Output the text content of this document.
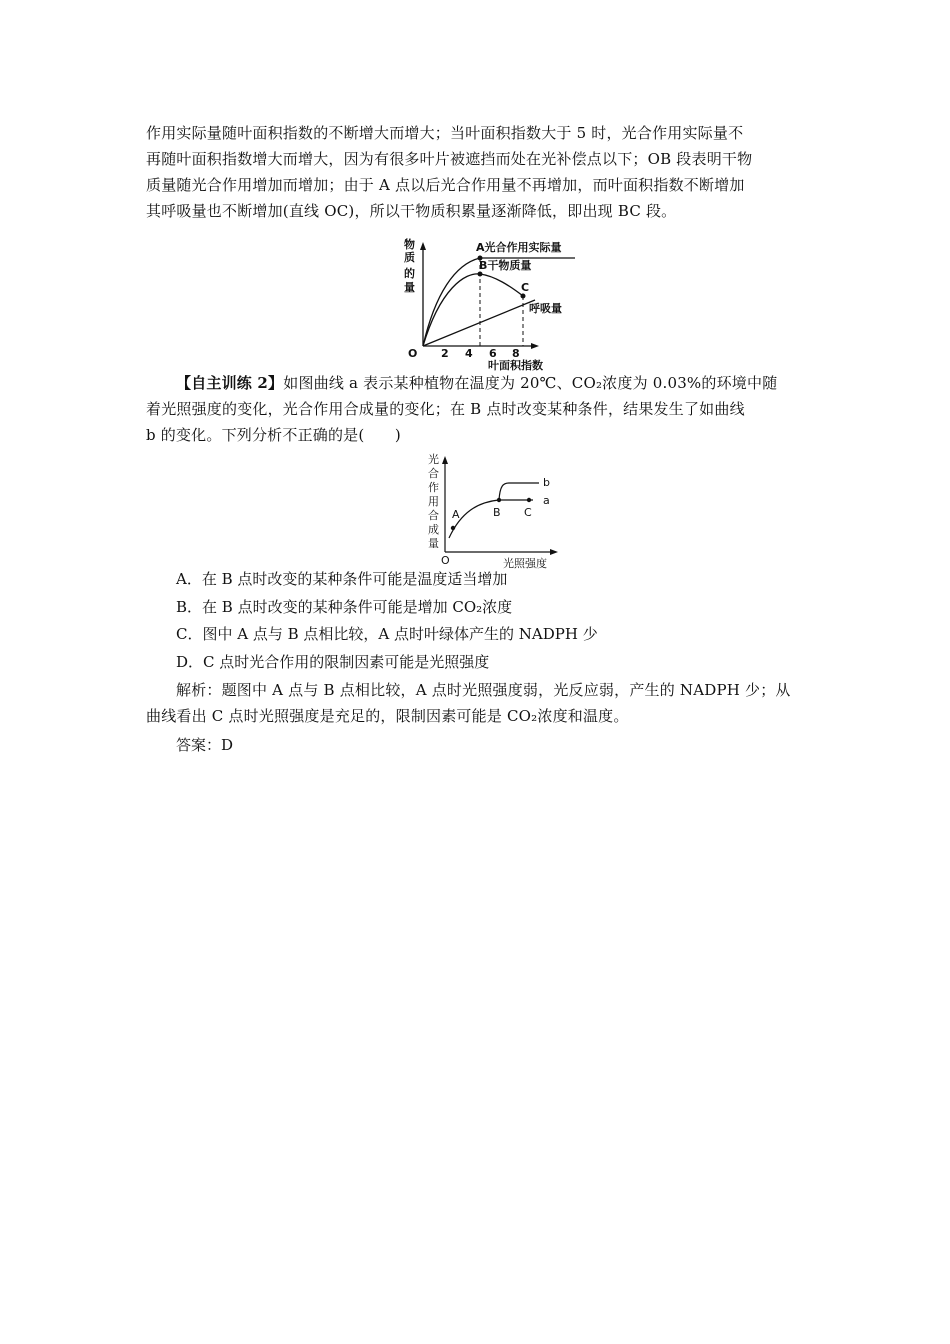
作用实际量随叶面积指数的不断增大而增大；当叶面积指数大于 5 时，光合作用实际量不
再随叶面积指数增大而增大，因为有很多叶片被遮挡而处在光补偿点以下；OB 段表明干物
质量随光合作用增加而增加；由于 A 点以后光合作用量不再增加，而叶面积指数不断增加
其呼吸量也不断增加(直线 OC)，所以干物质积累量逐渐降低，即出现 BC 段。
物
质
的
量
O 2 4 6 8
叶面积指数
A光合作用实际量
B干物质量
C
呼吸量
【自主训练 2】如图曲线 a 表示某种植物在温度为 20℃、CO₂浓度为 0.03%的环境中随
着光照强度的变化，光合作用合成量的变化；在 B 点时改变某种条件，结果发生了如曲线
b 的变化。下列分析不正确的是(　　)
光
合
作
用
合
成
量
O	光照强度
A	B C
b
a
A．在 B 点时改变的某种条件可能是温度适当增加
B．在 B 点时改变的某种条件可能是增加 CO₂浓度
C．图中 A 点与 B 点相比较，A 点时叶绿体产生的 NADPH 少
D．C 点时光合作用的限制因素可能是光照强度
解析：题图中 A 点与 B 点相比较，A 点时光照强度弱，光反应弱，产生的 NADPH 少；从
曲线看出 C 点时光照强度是充足的，限制因素可能是 CO₂浓度和温度。
答案：D
